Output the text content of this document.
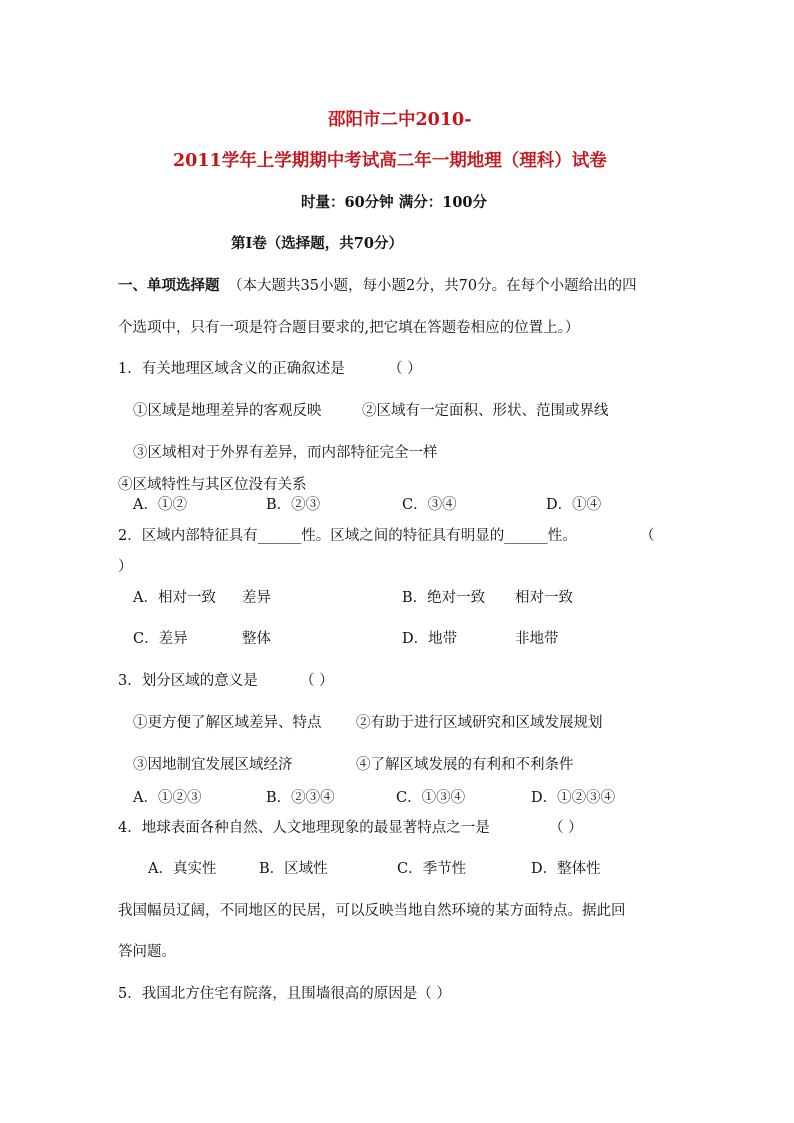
邵阳市二中2010-
2011学年上学期期中考试高二年一期地理（理科）试卷
时量：60分钟 满分：100分
第Ⅰ卷（选择题，共70分）
一、单项选择题 （本大题共35小题，每小题2分，共70分。在每个小题给出的四
个选项中，只有一项是符合题目要求的,把它填在答题卷相应的位置上。）
1．有关地理区域含义的正确叙述是	（ ）
①区域是地理差异的客观反映	②区域有一定面积、形状、范围或界线
③区域相对于外界有差异，而内部特征完全一样
④区域特性与其区位没有关系
A．①②	B．②③	C．③④	D．①④
2．区域内部特征具有______性。区域之间的特征具有明显的______性。	（
）
A．相对一致 差异	B．绝对一致 相对一致
C．差异	整体	D．地带	非地带
3．划分区域的意义是	（ ）
①更方便了解区域差异、特点 ②有助于进行区域研究和区域发展规划
③因地制宜发展区域经济	④了解区域发展的有利和不利条件
A．①②③	B．②③④	C．①③④	D．①②③④
4．地球表面各种自然、人文地理现象的最显著特点之一是	（ ）
A．真实性	B．区域性	C．季节性	D．整体性
我国幅员辽阔，不同地区的民居，可以反映当地自然环境的某方面特点。据此回
答问题。
5．我国北方住宅有院落，且围墙很高的原因是（ ）
